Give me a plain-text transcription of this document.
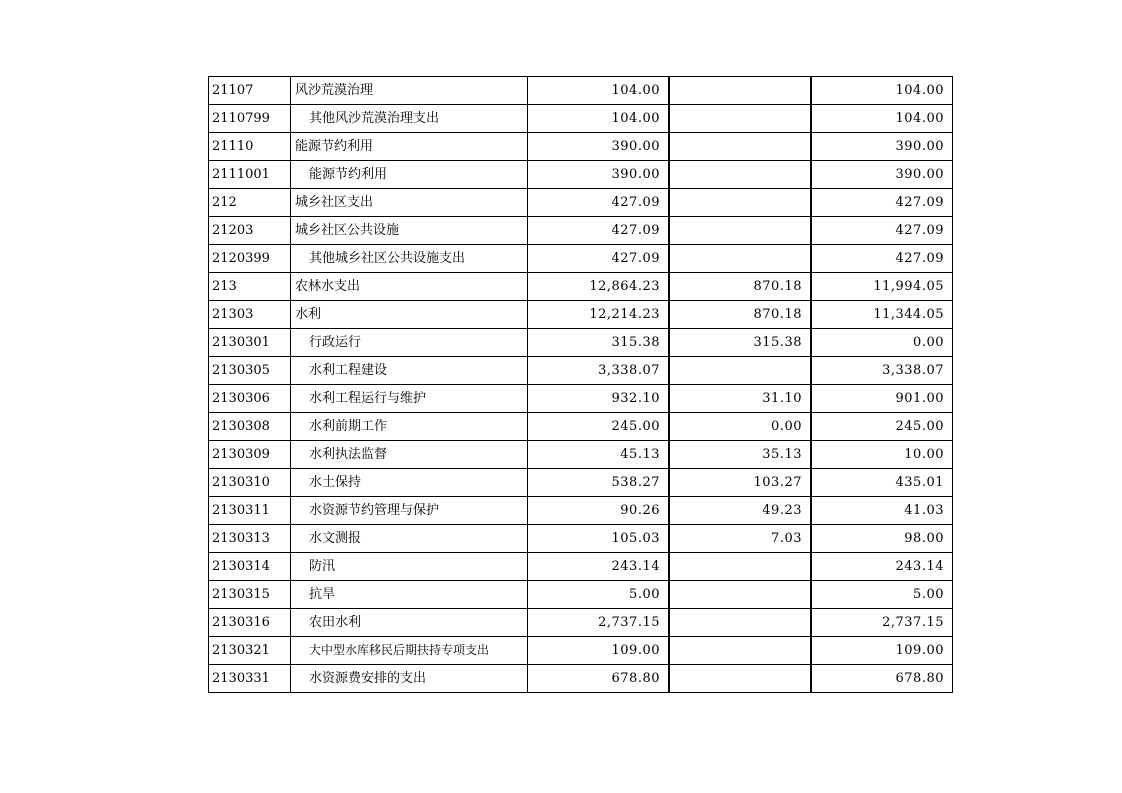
21107	风沙荒漠治理	104.00		104.00
2110799	其他风沙荒漠治理支出	104.00		104.00
21110	能源节约利用	390.00		390.00
2111001	能源节约利用	390.00		390.00
212	城乡社区支出	427.09		427.09
21203	城乡社区公共设施	427.09		427.09
2120399	其他城乡社区公共设施支出	427.09		427.09
213	农林水支出	12,864.23	870.18	11,994.05
21303	水利	12,214.23	870.18	11,344.05
2130301	行政运行	315.38	315.38	0.00
2130305	水利工程建设	3,338.07		3,338.07
2130306	水利工程运行与维护	932.10	31.10	901.00
2130308	水利前期工作	245.00	0.00	245.00
2130309	水利执法监督	45.13	35.13	10.00
2130310	水土保持	538.27	103.27	435.01
2130311	水资源节约管理与保护	90.26	49.23	41.03
2130313	水文测报	105.03	7.03	98.00
2130314	防汛	243.14		243.14
2130315	抗旱	5.00		5.00
2130316	农田水利	2,737.15		2,737.15
2130321	大中型水库移民后期扶持专项支出	109.00		109.00
2130331	水资源费安排的支出	678.80		678.80
